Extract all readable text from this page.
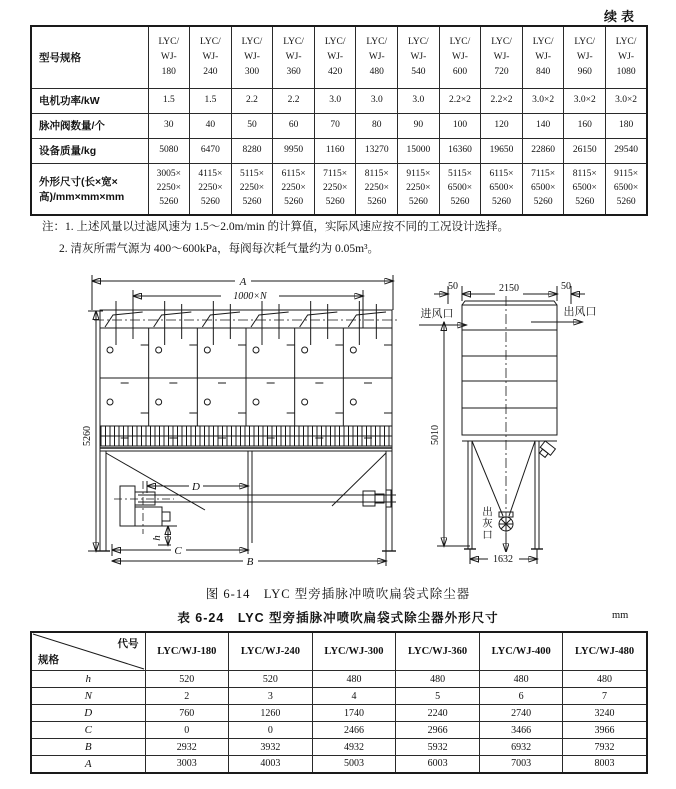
续表
型号规格	LYC/
WJ-
180	LYC/
WJ-
240	LYC/
WJ-
300	LYC/
WJ-
360	LYC/
WJ-
420	LYC/
WJ-
480	LYC/
WJ-
540	LYC/
WJ-
600	LYC/
WJ-
720	LYC/
WJ-
840	LYC/
WJ-
960	LYC/
WJ-
1080
电机功率/kW	1.5	1.5	2.2	2.2	3.0	3.0	3.0	2.2×2	2.2×2	3.0×2	3.0×2	3.0×2
脉冲阀数量/个	30	40	50	60	70	80	90	100	120	140	160	180
设备质量/kg	5080	6470	8280	9950	1160	13270	15000	16360	19650	22860	26150	29540
外形尺寸(长×宽×高)/mm×mm×mm	3005×
2250×
5260	4115×
2250×
5260	5115×
2250×
5260	6115×
2250×
5260	7115×
2250×
5260	8115×
2250×
5260	9115×
2250×
5260	5115×
6500×
5260	6115×
6500×
5260	7115×
6500×
5260	8115×
6500×
5260	9115×
6500×
5260
注：1. 上述风量以过滤风速为 1.5～2.0m/min 的计算值，实际风速应按不同的工况设计选择。
2. 清灰所需气源为 400～600kPa，每阀每次耗气量约为 0.05m³。
A
1000×N
5260
D
h
C
B
50	2150	50
进风口	出风口
5010
1632
出灰口
图 6-14　LYC 型旁插脉冲喷吹扁袋式除尘器
表 6-24　LYC 型旁插脉冲喷吹扁袋式除尘器外形尺寸	mm
代号
规格	LYC/WJ-180	LYC/WJ-240	LYC/WJ-300	LYC/WJ-360	LYC/WJ-400	LYC/WJ-480
h	520	520	480	480	480	480
N	2	3	4	5	6	7
D	760	1260	1740	2240	2740	3240
C	0	0	2466	2966	3466	3966
B	2932	3932	4932	5932	6932	7932
A	3003	4003	5003	6003	7003	8003
